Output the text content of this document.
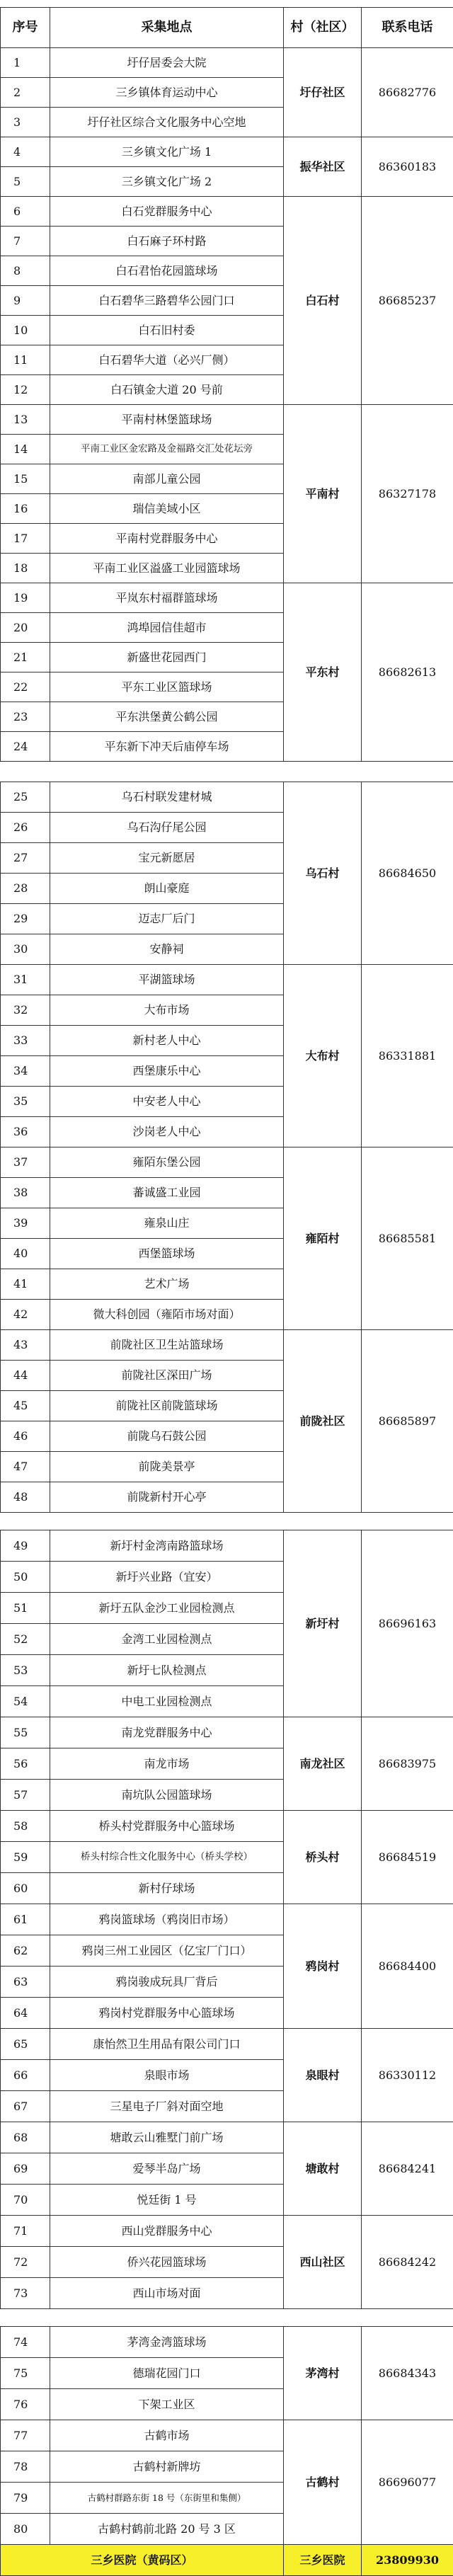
序号	采集地点	村（社区）	联系电话
1	圩仔居委会大院	圩仔社区	86682776
2	三乡镇体育运动中心		
3	圩仔社区综合文化服务中心空地		
4	三乡镇文化广场 1	振华社区	86360183
5	三乡镇文化广场 2		
6	白石党群服务中心	白石村	86685237
7	白石麻子环村路		
8	白石君怡花园篮球场		
9	白石碧华三路碧华公园门口		
10	白石旧村委		
11	白石碧华大道（必兴厂侧）		
12	白石镇金大道 20 号前		
13	平南村林堡篮球场	平南村	86327178
14	平南工业区金宏路及金福路交汇处花坛旁		
15	南部儿童公园		
16	瑞信美域小区		
17	平南村党群服务中心		
18	平南工业区溢盛工业园篮球场		
19	平岚东村福群篮球场	平东村	86682613
20	鸿埠园信佳超市		
21	新盛世花园西门		
22	平东工业区篮球场		
23	平东洪堡黄公鹤公园		
24	平东新下冲天后庙停车场		
25	乌石村联发建材城	乌石村	86684650
26	乌石沟仔尾公园		
27	宝元新愿居		
28	朗山豪庭		
29	迈志厂后门		
30	安静祠		
31	平湖篮球场	大布村	86331881
32	大布市场		
33	新村老人中心		
34	西堡康乐中心		
35	中安老人中心		
36	沙岗老人中心		
37	雍陌东堡公园	雍陌村	86685581
38	蕃诚盛工业园		
39	雍泉山庄		
40	西堡篮球场		
41	艺术广场		
42	微大科创园（雍陌市场对面）		
43	前陇社区卫生站篮球场	前陇社区	86685897
44	前陇社区深田广场		
45	前陇社区前陇篮球场		
46	前陇乌石鼓公园		
47	前陇美景亭		
48	前陇新村开心亭		
49	新圩村金湾南路篮球场	新圩村	86696163
50	新圩兴业路（宜安）		
51	新圩五队金沙工业园检测点		
52	金湾工业园检测点		
53	新圩七队检测点		
54	中电工业园检测点		
55	南龙党群服务中心	南龙社区	86683975
56	南龙市场		
57	南坑队公园篮球场		
58	桥头村党群服务中心篮球场	桥头村	86684519
59	桥头村综合性文化服务中心（桥头学校）		
60	新村仔球场		
61	鸦岗篮球场（鸦岗旧市场）	鸦岗村	86684400
62	鸦岗三州工业园区（亿宝厂门口）		
63	鸦岗骏成玩具厂背后		
64	鸦岗村党群服务中心篮球场		
65	康怡然卫生用品有限公司门口	泉眼村	86330112
66	泉眼市场		
67	三星电子厂斜对面空地		
68	塘敢云山雅墅门前广场	塘敢村	86684241
69	爱琴半岛广场		
70	悦廷街 1 号		
71	西山党群服务中心	西山社区	86684242
72	侨兴花园篮球场		
73	西山市场对面		
74	茅湾金湾篮球场	茅湾村	86684343
75	德瑞花园门口		
76	下架工业区		
77	古鹤市场	古鹤村	86696077
78	古鹤村新牌坊		
79	古鹤村群路东街 18 号（东街里和集侧）		
80	古鹤村鹤前北路 20 号 3 区		
三乡医院（黄码区）		三乡医院	23809930
